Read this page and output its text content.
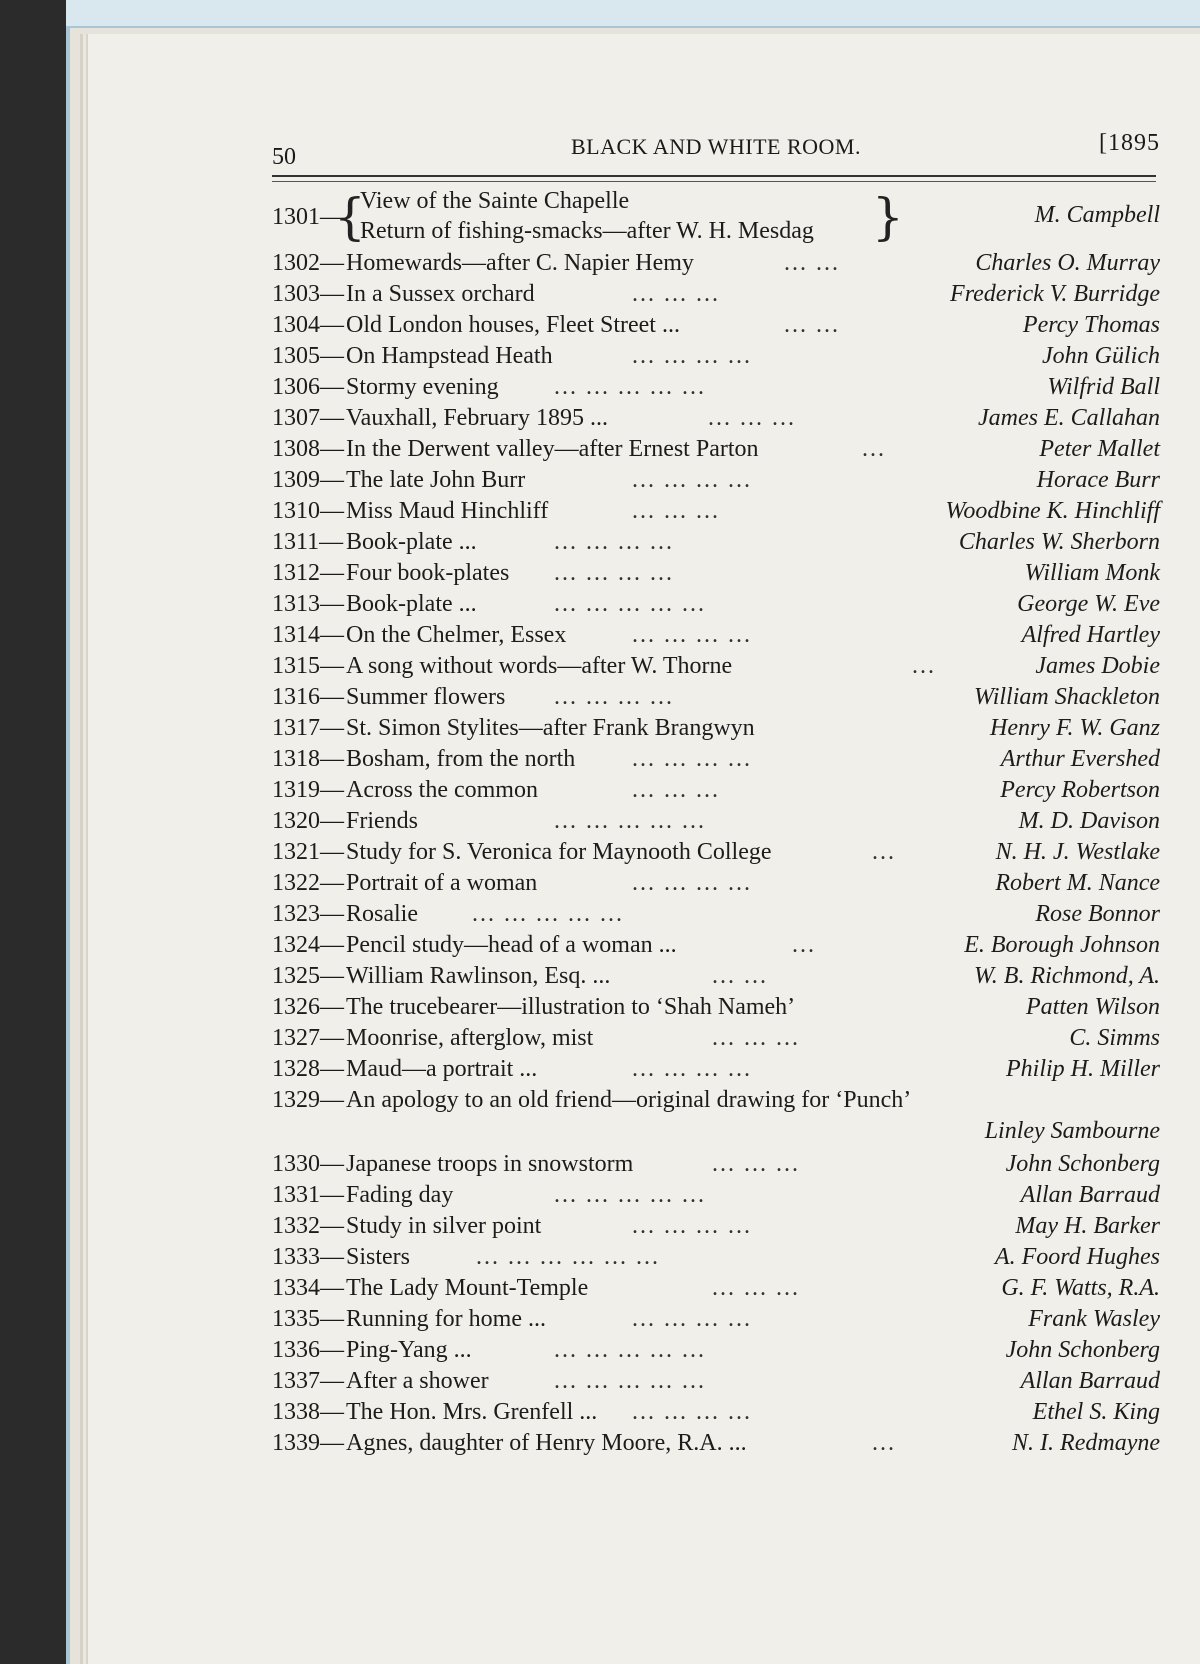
50	BLACK AND WHITE ROOM.	[1895
1301—
{
View of the Sainte Chapelle
Return of fishing-smacks—after W. H. Mesdag }	M. Campbell
1302— Homewards—after C. Napier Hemy	... ...	Charles O. Murray
1303— In a Sussex orchard	... ... ...	Frederick V. Burridge
1304— Old London houses, Fleet Street ...	... ...	Percy Thomas
1305— On Hampstead Heath	... ... ... ...	John Gülich
1306— Stormy evening ... ... ... ... ...	Wilfrid Ball
1307— Vauxhall, February 1895 ...	... ... ...	James E. Callahan
1308— In the Derwent valley—after Ernest Parton	...	Peter Mallet
1309— The late John Burr	... ... ... ...	Horace Burr
1310— Miss Maud Hinchliff	... ... ...	Woodbine K. Hinchliff
1311— Book-plate ...	... ... ... ...	Charles W. Sherborn
1312— Four book-plates ... ... ... ...	William Monk
1313— Book-plate ...	... ... ... ... ...	George W. Eve
1314— On the Chelmer, Essex	... ... ... ...	Alfred Hartley
1315— A song without words—after W. Thorne	...	James Dobie
1316— Summer flowers ... ... ... ...	William Shackleton
1317— St. Simon Stylites—after Frank Brangwyn	Henry F. W. Ganz
1318— Bosham, from the north ... ... ... ...	Arthur Evershed
1319— Across the common	... ... ...	Percy Robertson
1320— Friends	... ... ... ... ...	M. D. Davison
1321— Study for S. Veronica for Maynooth College	...	N. H. J. Westlake
1322— Portrait of a woman	... ... ... ...	Robert M. Nance
1323— Rosalie ... ... ... ... ...	Rose Bonnor
1324— Pencil study—head of a woman ...	...	E. Borough Johnson
1325— William Rawlinson, Esq. ...	... ...	W. B. Richmond, A.
1326— The trucebearer—illustration to ‘Shah Nameh’	Patten Wilson
1327— Moonrise, afterglow, mist	... ... ...	C. Simms
1328— Maud—a portrait ...	... ... ... ...	Philip H. Miller
1329— An apology to an old friend—original drawing for ‘Punch’
Linley Sambourne
1330— Japanese troops in snowstorm	... ... ...	John Schonberg
1331— Fading day	... ... ... ... ...	Allan Barraud
1332— Study in silver point	... ... ... ...	May H. Barker
1333— Sisters	... ... ... ... ... ...	A. Foord Hughes
1334— The Lady Mount-Temple	... ... ...	G. F. Watts, R.A.
1335— Running for home ...	... ... ... ...	Frank Wasley
1336— Ping-Yang ...	... ... ... ... ...	John Schonberg
1337— After a shower	... ... ... ... ...	Allan Barraud
1338— The Hon. Mrs. Grenfell ... ... ... ... ...	Ethel S. King
1339— Agnes, daughter of Henry Moore, R.A. ...	...	N. I. Redmayne
